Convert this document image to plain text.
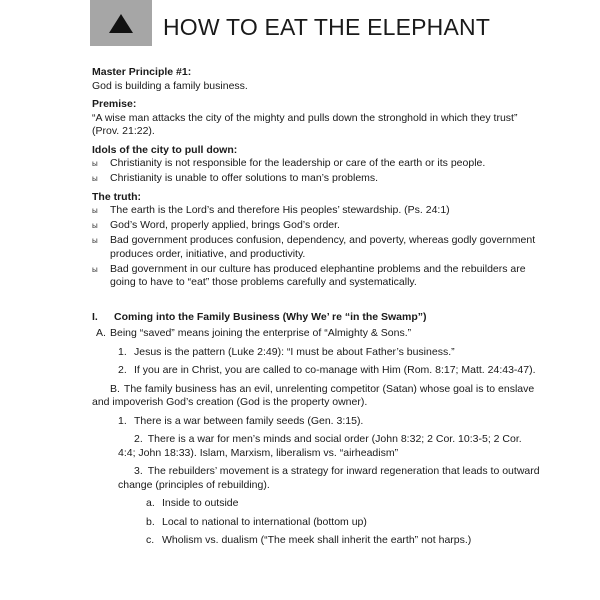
HOW TO EAT THE ELEPHANT
Master Principle #1:

God is building a family business.

Premise:

“A wise man attacks the city of the mighty and pulls down the stronghold in which they trust” (Prov. 21:22).

Idols of the city to pull down:
ы Christianity is not responsible for the leadership or care of the earth or its people.
ы Christianity is unable to offer solutions to man’s problems.
The truth:
ы The earth is the Lord’s and therefore His peoples’ stewardship. (Ps. 24:1)
ы God’s Word, properly applied, brings God’s order.
ы Bad government produces confusion, dependency, and poverty, whereas godly government produces order, initiative, and productivity.
ы Bad government in our culture has produced elephantine problems and the rebuilders are going to have to “eat” those problems carefully and systematically.
I. Coming into the Family Business (Why We’ re “in the Swamp”)
A. Being “saved” means joining the enterprise of “Almighty & Sons.”
1. Jesus is the pattern (Luke 2:49): “I must be about Father’s business.”
2. If you are in Christ, you are called to co-manage with Him (Rom. 8:17; Matt. 24:43-47).
B. The family business has an evil, unrelenting competitor (Satan) whose goal is to enslave and impoverish God’s creation (God is the property owner).
1. There is a war between family seeds (Gen. 3:15).
2. There is a war for men’s minds and social order (John 8:32; 2 Cor. 10:3-5; 2 Cor. 4:4; John 18:33). Islam, Marxism, liberalism vs. “airheadism”
3. The rebuilders’ movement is a strategy for inward regeneration that leads to outward change (principles of rebuilding).
a. Inside to outside
b. Local to national to international (bottom up)
c. Wholism vs. dualism (“The meek shall inherit the earth” not harps.)
